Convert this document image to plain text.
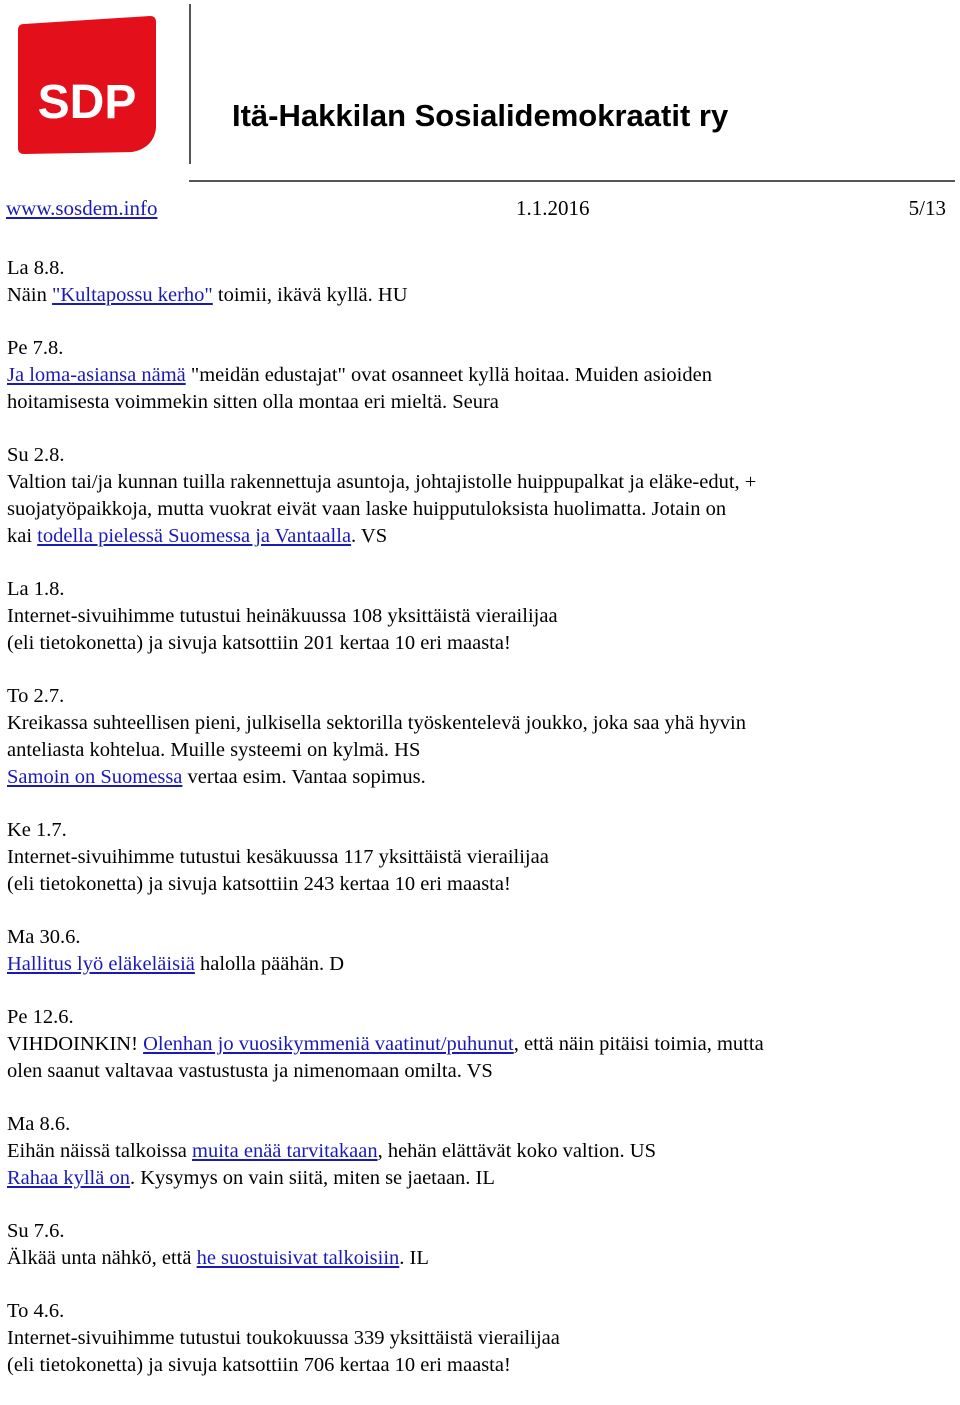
SDP	Itä-Hakkilan Sosialidemokraatit ry
www.sosdem.info	1.1.2016	5/13
La 8.8.
Näin "Kultapossu kerho" toimii, ikävä kyllä. HU
Pe 7.8.
Ja loma-asiansa nämä "meidän edustajat" ovat osanneet kyllä hoitaa. Muiden asioiden
hoitamisesta voimmekin sitten olla montaa eri mieltä. Seura
Su 2.8.
Valtion tai/ja kunnan tuilla rakennettuja asuntoja, johtajistolle huippupalkat ja eläke-edut, +
suojatyöpaikkoja, mutta vuokrat eivät vaan laske huipputuloksista huolimatta. Jotain on
kai todella pielessä Suomessa ja Vantaalla. VS
La 1.8.
Internet-sivuihimme tutustui heinäkuussa 108 yksittäistä vierailijaa
(eli tietokonetta) ja sivuja katsottiin 201 kertaa 10 eri maasta!
To 2.7.
Kreikassa suhteellisen pieni, julkisella sektorilla työskentelevä joukko, joka saa yhä hyvin
anteliasta kohtelua. Muille systeemi on kylmä. HS
Samoin on Suomessa vertaa esim. Vantaa sopimus.
Ke 1.7.
Internet-sivuihimme tutustui kesäkuussa 117 yksittäistä vierailijaa
(eli tietokonetta) ja sivuja katsottiin 243 kertaa 10 eri maasta!
Ma 30.6.
Hallitus lyö eläkeläisiä halolla päähän. D
Pe 12.6.
VIHDOINKIN! Olenhan jo vuosikymmeniä vaatinut/puhunut, että näin pitäisi toimia, mutta
olen saanut valtavaa vastustusta ja nimenomaan omilta. VS
Ma 8.6.
Eihän näissä talkoissa muita enää tarvitakaan, hehän elättävät koko valtion. US
Rahaa kyllä on. Kysymys on vain siitä, miten se jaetaan. IL
Su 7.6.
Älkää unta nähkö, että he suostuisivat talkoisiin. IL
To 4.6.
Internet-sivuihimme tutustui toukokuussa 339 yksittäistä vierailijaa
(eli tietokonetta) ja sivuja katsottiin 706 kertaa 10 eri maasta!
